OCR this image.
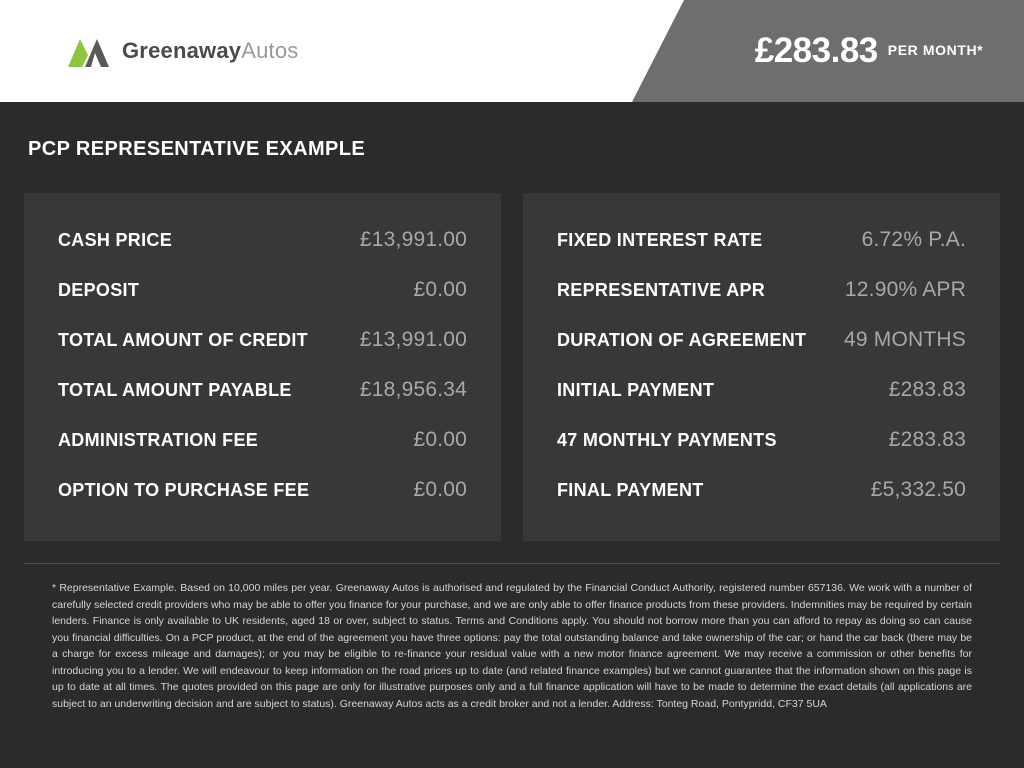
GreenawayAutos	£283.83 PER MONTH*
PCP REPRESENTATIVE EXAMPLE
CASH PRICE	£13,991.00
DEPOSIT	£0.00
TOTAL AMOUNT OF CREDIT £13,991.00
TOTAL AMOUNT PAYABLE	£18,956.34
ADMINISTRATION FEE	£0.00
OPTION TO PURCHASE FEE	£0.00
FIXED INTEREST RATE	6.72% P.A.
REPRESENTATIVE APR	12.90% APR
DURATION OF AGREEMENT 49 MONTHS
INITIAL PAYMENT	£283.83
47 MONTHLY PAYMENTS	£283.83
FINAL PAYMENT	£5,332.50

* Representative Example. Based on 10,000 miles per year. Greenaway Autos is authorised and regulated by the Financial Conduct Authority, registered number 657136. We work with a number of carefully selected credit providers who may be able to offer you finance for your purchase, and we are only able to offer finance products from these providers. Indemnities may be required by certain lenders. Finance is only available to UK residents, aged 18 or over, subject to status. Terms and Conditions apply. You should not borrow more than you can afford to repay as doing so can cause you financial difficulties. On a PCP product, at the end of the agreement you have three options: pay the total outstanding balance and take ownership of the car; or hand the car back (there may be a charge for excess mileage and damages); or you may be eligible to re-finance your residual value with a new motor finance agreement. We may receive a commission or other benefits for introducing you to a lender. We will endeavour to keep information on the road prices up to date (and related finance examples) but we cannot guarantee that the information shown on this page is up to date at all times. The quotes provided on this page are only for illustrative purposes only and a full finance application will have to be made to determine the exact details (all applications are subject to an underwriting decision and are subject to status). Greenaway Autos acts as a credit broker and not a lender. Address: Tonteg Road, Pontypridd, CF37 5UA
